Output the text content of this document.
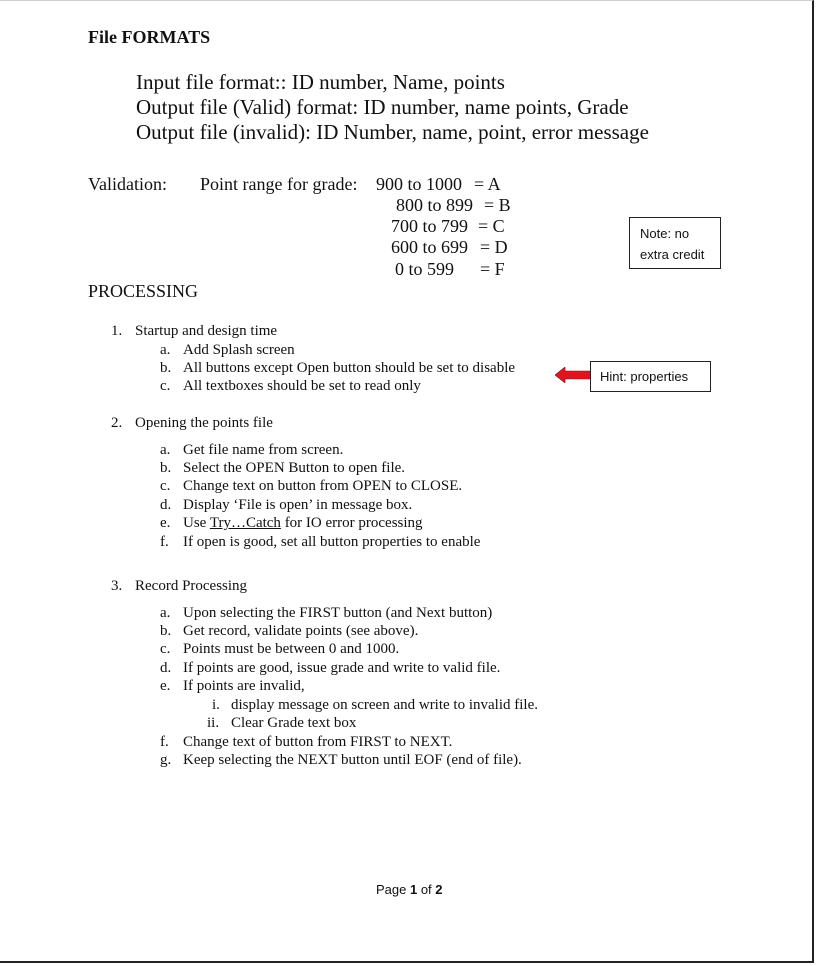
File FORMATS
Input file format:: ID number, Name, points
Output file (Valid) format: ID number, name points, Grade
Output file (invalid): ID Number, name, point, error message
Validation: Point range for grade: 900 to 1000 = A
800 to 899 = B
700 to 799 = C
600 to 699 = D
0 to 599 = F
Note: no extra credit
PROCESSING
1. Startup and design time
a. Add Splash screen
b. All buttons except Open button should be set to disable
c. All textboxes should be set to read only
Hint: properties
2. Opening the points file
a. Get file name from screen.
b. Select the OPEN Button to open file.
c. Change text on button from OPEN to CLOSE.
d. Display ‘File is open’ in message box.
e. Use Try…Catch for IO error processing
f. If open is good, set all button properties to enable
3. Record Processing
a. Upon selecting the FIRST button (and Next button)
b. Get record, validate points (see above).
c. Points must be between 0 and 1000.
d. If points are good, issue grade and write to valid file.
e. If points are invalid,
i. display message on screen and write to invalid file.
ii. Clear Grade text box
f. Change text of button from FIRST to NEXT.
g. Keep selecting the NEXT button until EOF (end of file).
Page 1 of 2
